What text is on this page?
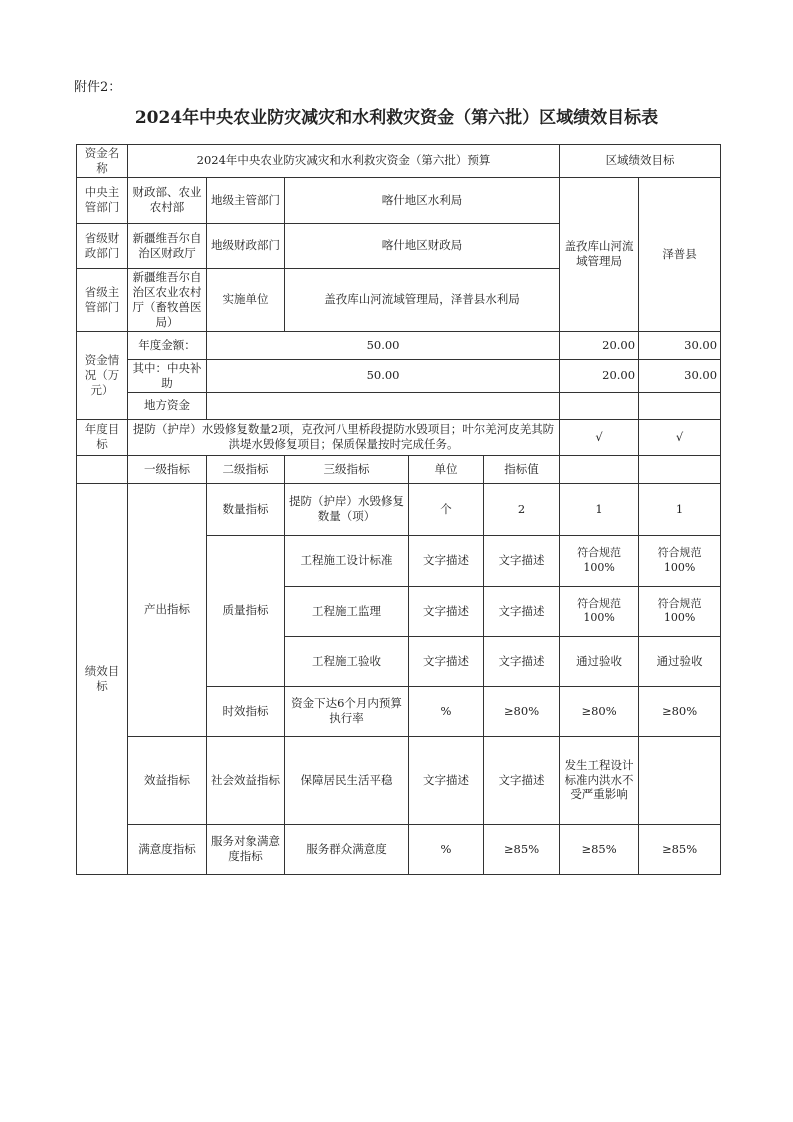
附件2：
2024年中央农业防灾减灾和水利救灾资金（第六批）区域绩效目标表
资金名称	2024年中央农业防灾减灾和水利救灾资金（第六批）预算					区域绩效目标	
中央主管部门	财政部、农业农村部	地级主管部门	喀什地区水利局			盖孜库山河流域管理局	泽普县
省级财政部门	新疆维吾尔自治区财政厅	地级财政部门	喀什地区财政局				
省级主管部门	新疆维吾尔自治区农业农村厅（畜牧兽医局）	实施单位	盖孜库山河流域管理局，泽普县水利局				
资金情况（万元）	年度金额：	50.00				20.00	30.00
	其中：中央补助	50.00				20.00	30.00
	地方资金						
年度目标	提防（护岸）水毁修复数量2项，克孜河八里桥段提防水毁项目；叶尔羌河皮羌其防洪堤水毁修复项目；保质保量按时完成任务。					√	√
	一级指标	二级指标	三级指标	单位	指标值		
绩效目标	产出指标	数量指标	提防（护岸）水毁修复数量（项）	个	2	1	1
		质量指标	工程施工设计标准	文字描述	文字描述	符合规范100%	符合规范100%
			工程施工监理	文字描述	文字描述	符合规范100%	符合规范100%
			工程施工验收	文字描述	文字描述	通过验收	通过验收
		时效指标	资金下达6个月内预算执行率	%	≥80%	≥80%	≥80%
	效益指标	社会效益指标	保障居民生活平稳	文字描述	文字描述	发生工程设计标准内洪水不受严重影响	
	满意度指标	服务对象满意度指标	服务群众满意度	%	≥85%	≥85%	≥85%
